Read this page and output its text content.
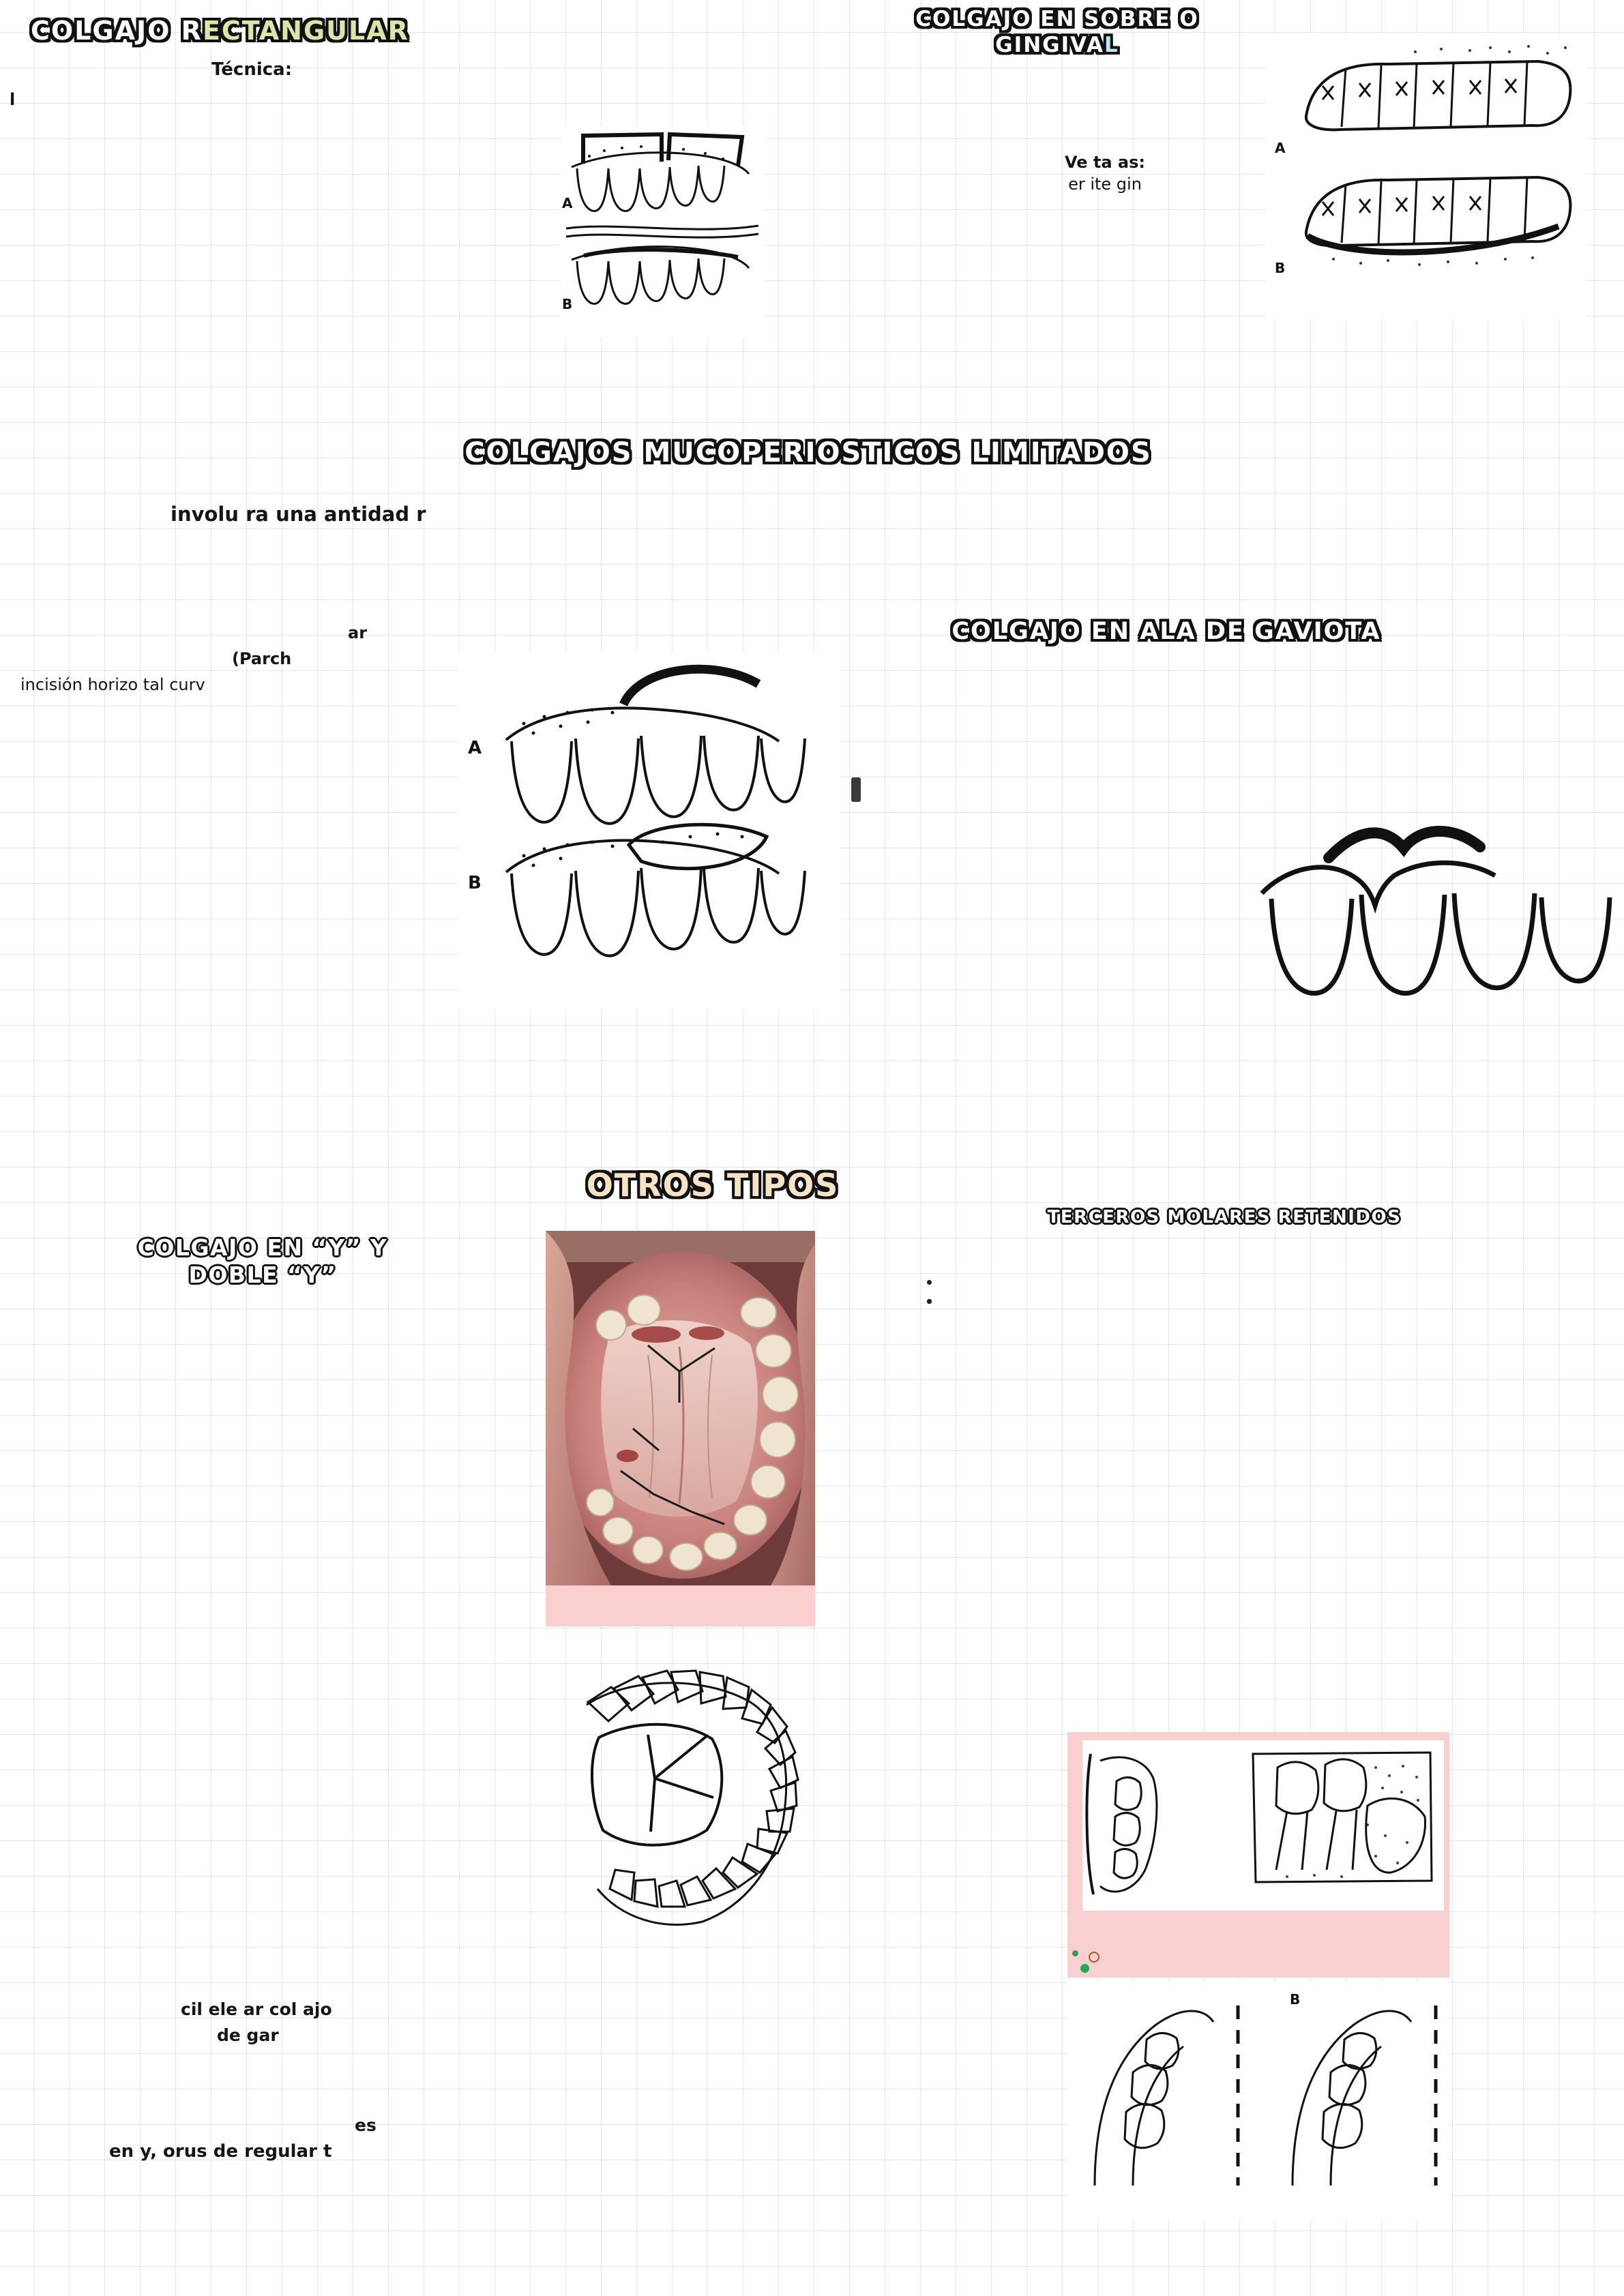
COLGAJO RECTANGULAR
Técnica:
l
A
B
COLGAJO EN SOBRE O
GINGIVAL
Ve ta as:
er ite gin
A
B
COLGAJOS MUCOPERIOSTICOS LIMITADOS
involu ra una antidad r
(Parch
ar
incisión horizo tal curv
A
B
COLGAJO EN ALA DE GAVIOTA
OTROS TIPOS
COLGAJO EN “Y” Y
DOBLE “Y”
TERCEROS MOLARES RETENIDOS
cil ele ar col ajo
de gar
es
en y, orus de regular t
B
